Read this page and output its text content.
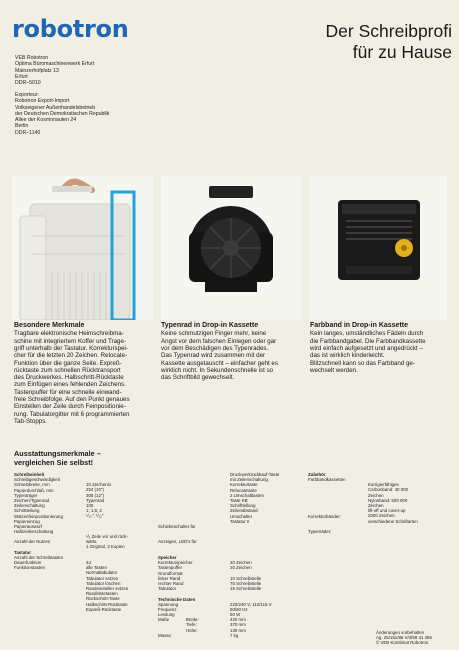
robotron	Der Schreibprofi
für zu Hause
VEB Robotron
Optima Büromaschinenwerk Erfurt
Mainzerhofplatz 13
Erfurt
DDR–5010
Exporteur:
Robotron Export-Import
Volkseigener Außenhandelsbetrieb
der Deutschen Demokratischen Republik
Allee der Kosmonauten 24
Berlin
DDR–1140
Besondere Merkmale
Tragbare elektronische Heimschreibma-
schine mit integriertem Koffer und Trage-
griff unterhalb der Tastatur. Korrekturspei-
cher für die letzten 20 Zeichen. Relocate-
Funktion über die ganze Seite. Expreß-
rücktaste zum schnellen Rücktransport
des Druckwerkes. Halbschritt-Rücktaste
zum Einfügen eines fehlenden Zeichens.
Tastenpuffer für eine schnelle einwand-
freie Schreibfolge. Auf den Punkt genaues
Einstellen der Zeile durch Feinpositionie-
rung. Tabulatorgitter mit 6 programmierten
Tab-Stopps.
Typenrad in Drop-in Kassette
Keine schmutzigen Finger mehr, keine
Angst vor dem falschen Einlegen oder gar
vor dem Beschädigen des Typenrades.
Das Typenrad wird zusammen mit der
Kassette ausgetauscht – einfacher geht es
wirklich nicht. In Sekundenschnelle ist so
das Schriftbild gewechselt.
Farbband in Drop-in Kassette
Kein langes, umständliches Fädeln durch
die Farbbandgabel. Die Farbbandkassette
wird einfach aufgesetzt und angedrückt –
das ist wirklich kinderleicht.
Blitzschnell kann so das Farbband ge-
wechselt werden.
Ausstattungsmerkmale –
vergleichen Sie selbst!
Schreibeinheit
Schreibgeschwindigkeit
Schreibbreite, mm
Papierdurchlaß, mm
Typenträger
Zeichen/Typenrad
Zeilenschaltung
Schrittteilung
Walzenfeinpositionierung
Papiereinzug
Papierauswurf
Halbzeilenschaltung
Anzahl der Nutzen
Tastatur
Anzahl der Schreibtasten
Dauerfunktion
Funktionstasten
10 Zeichen/s
254 (10")
305 (12")
Typenrad
100
1; 1,5; 2
¹/₁₀"; ¹/₁₂"
¹/₂ Zeile vor und rück-
wärts
1 Original, 3 Kopien
44
alle Tasten
Normaltabulator
Tabulator setzen
Tabulator löschen
Randeinsteller setzen
Randlöstetasten
Rückschritt-Taste
Halbschritt-Rücktaste
Expreß-Rücktaste
Schiebeschalter für
Anzeigen, LED's für
Speicher
Korrekturspeicher
Tastenpuffer
Grundformat
linker Rand
rechter Rand
Tabulator
Technische Daten
Spannung
Frequenz
Leistung
Maße
Masse
Breite:
Tiefe:
Höhe:
Druckwerkrückkauf-Taste
mit Zeilenschaltung
Korrekturtaste
Relocatetaste
2 Umschalttasten
Taste KB
Schrifttellung
Zeilenabstand
Umschalter
Tastatur II
20 Zeichen
20 Zeichen
10 Schreibstelle
75 Schreibstelle
15 Schreibstelle
220/240 V; 110/115 V
50/60 Hz
50 W
420 mm
370 mm
130 mm
7 kg
Zubehör
Farbbandkassetten
Korrekturbänder:
Typenräder:
Korrigierfähiges
Carbonband: 40 000
Zeichen
Nylonband: 500 000
Zeichen
lift-off und cover-up
2000 Zeichen
verschiedene Schriftarten
Änderungen vorbehalten
Ag. 25/151/86 V/4/59 31 386
© VEB Kombinat Robotron
